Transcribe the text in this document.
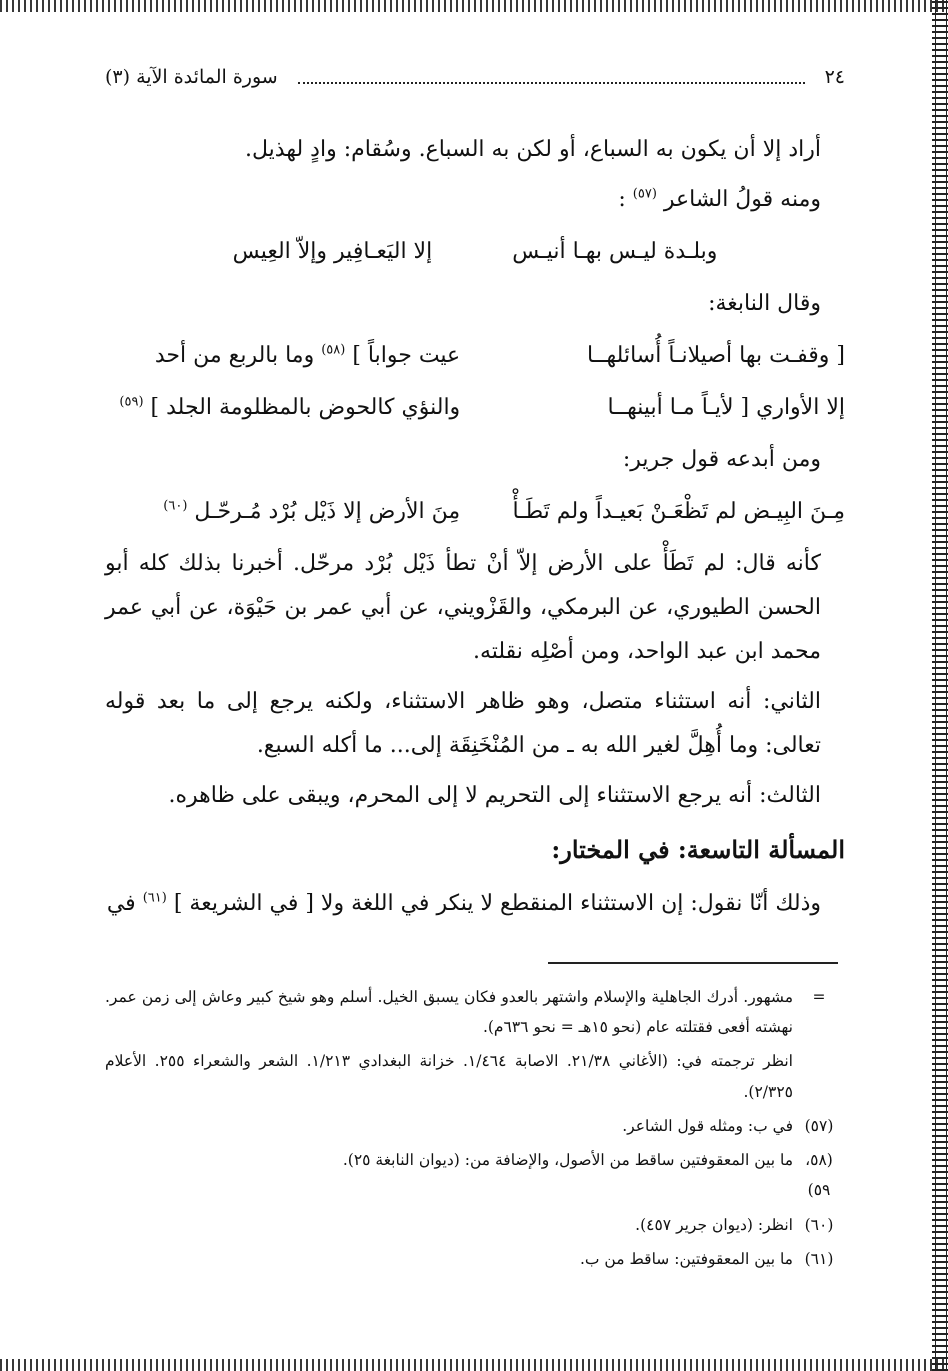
٢٤
سورة المائدة الآية (٣)

أراد إلا أن يكون به السباع، أو لكن به السباع. وسُقام: وادٍ لهذيل.

ومنه قولُ الشاعر $^{(٥٧)}$ :

وبلـدة ليـس بهـا أنيـس
إلا اليَعـافِير وإلاّ العِيس

وقال النابغة:

[ وقفـت بها أصيلانـاً أُسائلهــا
عيت جواباً ] $^{(٥٨)}$ وما بالربع من أحد
إلا الأواري [ لأيـاً مـا أبينهــا
والنؤي كالحوض بالمظلومة الجلد ] $^{(٥٩)}$

ومن أبدعه قول جرير:

مِـنَ البِيـض لم تَظْعَـنْ بَعيـداً ولم تَطَـأْ
مِنَ الأرض إلا ذَيْل بُرْد مُـرحّـل $^{(٦٠)}$

كأنه قال: لم تَطَأْ على الأرض إلاّ أنْ تطأ ذَيْل بُرْد مرحّل. أخبرنا بذلك كله أبو الحسن الطيوري، عن البرمكي، والقَزْويني، عن أبي عمر بن حَيْوَة، عن أبي عمر محمد ابن عبد الواحد، ومن أصْلِه نقلته.

الثاني: أنه استثناء متصل، وهو ظاهر الاستثناء، ولكنه يرجع إلى ما بعد قوله تعالى: وما أُهِلَّ لغير الله به ـ من المُنْخَنِقَة إلى... ما أكله السبع.

الثالث: أنه يرجع الاستثناء إلى التحريم لا إلى المحرم، ويبقى على ظاهره.

المسألة التاسعة: في المختار:

وذلك أنّا نقول: إن الاستثناء المنقطع لا ينكر في اللغة ولا [ في الشريعة ] $^{(٦١)}$ في

=
مشهور. أدرك الجاهلية والإسلام واشتهر بالعدو فكان يسبق الخيل. أسلم وهو شيخ كبير وعاش إلى زمن عمر. نهشته أفعى فقتلته عام (نحو ١٥هـ = نحو ٦٣٦م).
انظر ترجمته في: (الأغاني ٢١/٣٨. الاصابة ١/٤٦٤. خزانة البغدادي ١/٢١٣. الشعر والشعراء ٢٥٥. الأعلام ٢/٣٢٥).
(٥٧)
في ب: ومثله قول الشاعر.
(٥٨، ٥٩)
ما بين المعقوفتين ساقط من الأصول، والإضافة من: (ديوان النابغة ٢٥).
(٦٠)
انظر: (ديوان جرير ٤٥٧).
(٦١)
ما بين المعقوفتين: ساقط من ب.
